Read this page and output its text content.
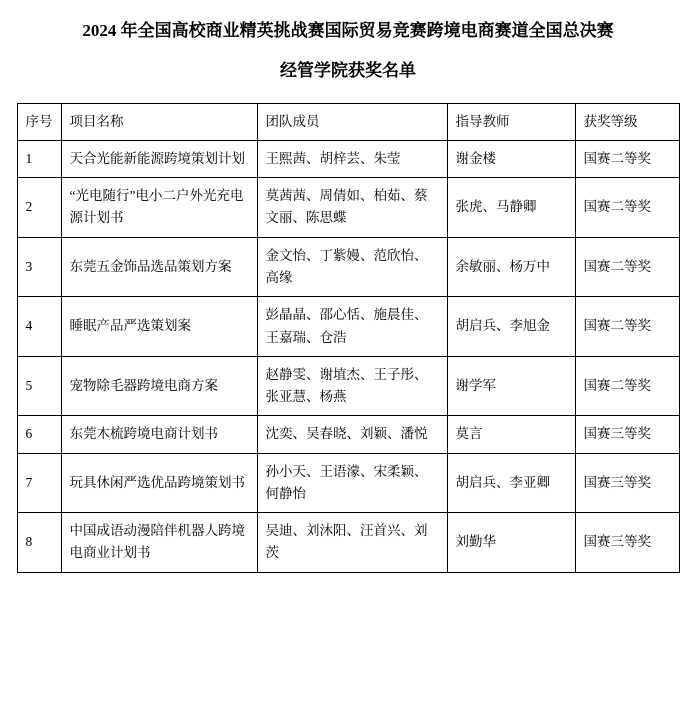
2024 年全国高校商业精英挑战赛国际贸易竞赛跨境电商赛道全国总决赛
经管学院获奖名单
序号	项目名称	团队成员	指导教师	获奖等级
1	天合光能新能源跨境策划计划	王熙茜、胡梓芸、朱莹	谢金楼	国赛二等奖
2	“光电随行”电小二户外光充电源计划书	莫茜茜、周倩如、柏茹、蔡文丽、陈思蝶	张虎、马静卿	国赛二等奖
3	东莞五金饰品选品策划方案	金文怡、丁紫嫚、范欣怡、高缘	余敏丽、杨万中	国赛二等奖
4	睡眠产品严选策划案	彭晶晶、邵心恬、施晨佳、王嘉瑞、仓浩	胡启兵、李旭金	国赛二等奖
5	宠物除毛器跨境电商方案	赵静雯、谢埴杰、王子彤、张亚慧、杨燕	谢学军	国赛二等奖
6	东莞木梳跨境电商计划书	沈奕、吴春晓、刘颖、潘悦	莫言	国赛三等奖
7	玩具休闲严选优品跨境策划书	孙小天、王语濛、宋柔颖、何静怡	胡启兵、李亚卿	国赛三等奖
8	中国成语动漫陪伴机器人跨境电商业计划书	吴迪、刘沐阳、汪首兴、刘茨	刘勤华	国赛三等奖
